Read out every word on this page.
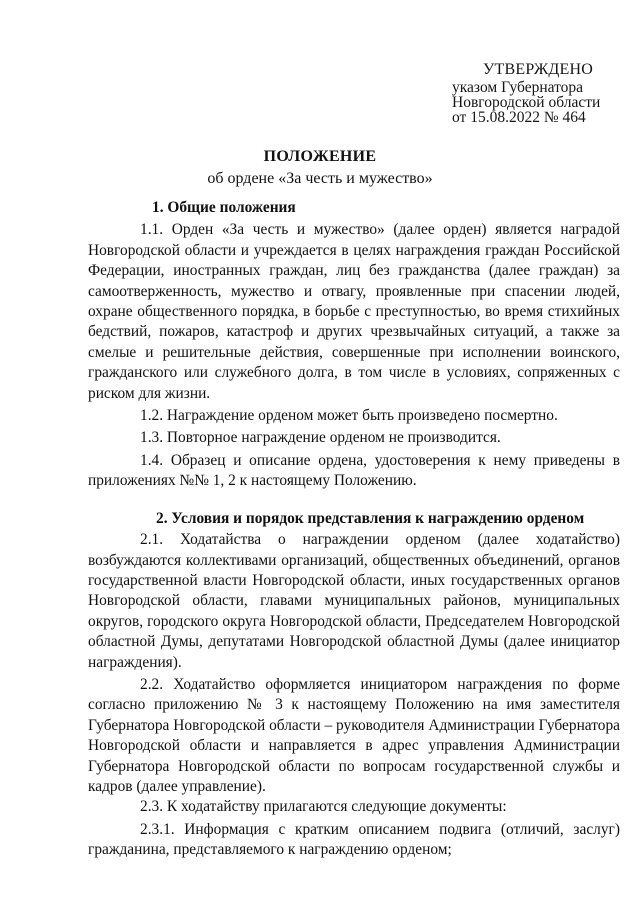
УТВЕРЖДЕНО
указом Губернатора
Новгородской области
от 15.08.2022 № 464
ПОЛОЖЕНИЕ
об ордене «За честь и мужество»
1. Общие положения

1.1. Орден «За честь и мужество» (далее орден) является наградой Новгородской области и учреждается в целях награждения граждан Российской Федерации, иностранных граждан, лиц без гражданства (далее граждан) за самоотверженность, мужество и отвагу, проявленные при спасении людей, охране общественного порядка, в борьбе с преступностью, во время стихийных бедствий, пожаров, катастроф и других чрезвычайных ситуаций, а также за смелые и решительные действия, совершенные при исполнении воинского, гражданского или служебного долга, в том числе в условиях, сопряженных с риском для жизни.

1.2. Награждение орденом может быть произведено посмертно.

1.3. Повторное награждение орденом не производится.

1.4. Образец и описание ордена, удостоверения к нему приведены в приложениях №№ 1, 2 к настоящему Положению.

2. Условия и порядок представления к награждению орденом

2.1. Ходатайства о награждении орденом (далее ходатайство) возбуждаются коллективами организаций, общественных объединений, органов государственной власти Новгородской области, иных государственных органов Новгородской области, главами муниципальных районов, муниципальных округов, городского округа Новгородской области, Председателем Новгородской областной Думы, депутатами Новгородской областной Думы (далее инициатор награждения).

2.2. Ходатайство оформляется инициатором награждения по форме согласно приложению № 3 к настоящему Положению на имя заместителя Губернатора Новгородской области – руководителя Администрации Губернатора Новгородской области и направляется в адрес управления Администрации Губернатора Новгородской области по вопросам государственной службы и кадров (далее управление).

2.3. К ходатайству прилагаются следующие документы:

2.3.1. Информация с кратким описанием подвига (отличий, заслуг) гражданина, представляемого к награждению орденом;
